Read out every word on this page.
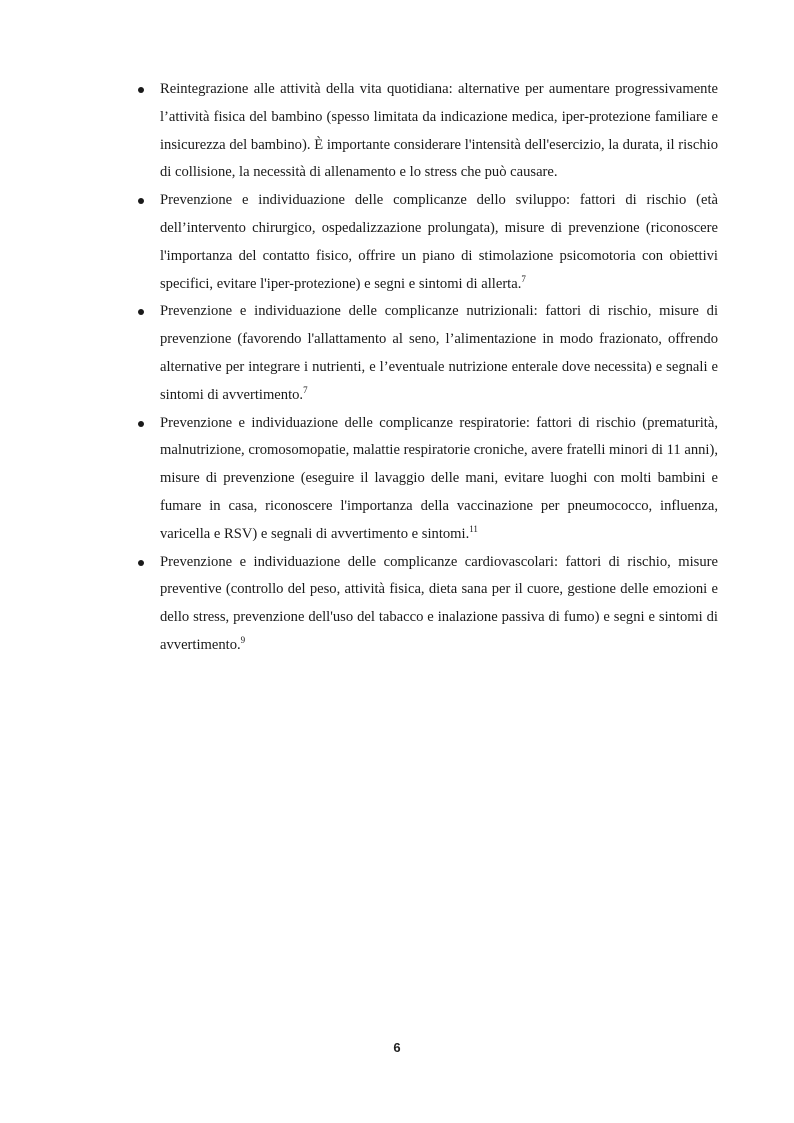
Reintegrazione alle attività della vita quotidiana: alternative per aumentare progressivamente l’attività fisica del bambino (spesso limitata da indicazione medica, iper-protezione familiare e insicurezza del bambino). È importante considerare l'intensità dell'esercizio, la durata, il rischio di collisione, la necessità di allenamento e lo stress che può causare.
Prevenzione e individuazione delle complicanze dello sviluppo: fattori di rischio (età dell’intervento chirurgico, ospedalizzazione prolungata), misure di prevenzione (riconoscere l'importanza del contatto fisico, offrire un piano di stimolazione psicomotoria con obiettivi specifici, evitare l'iper-protezione) e segni e sintomi di allerta.$^7$
Prevenzione e individuazione delle complicanze nutrizionali: fattori di rischio, misure di prevenzione (favorendo l'allattamento al seno, l’alimentazione in modo frazionato, offrendo alternative per integrare i nutrienti, e l’eventuale nutrizione enterale dove necessita) e segnali e sintomi di avvertimento.$^7$
Prevenzione e individuazione delle complicanze respiratorie: fattori di rischio (prematurità, malnutrizione, cromosomopatie, malattie respiratorie croniche, avere fratelli minori di 11 anni), misure di prevenzione (eseguire il lavaggio delle mani, evitare luoghi con molti bambini e fumare in casa, riconoscere l'importanza della vaccinazione per pneumococco, influenza, varicella e RSV) e segnali di avvertimento e sintomi.$^{11}$
Prevenzione e individuazione delle complicanze cardiovascolari: fattori di rischio, misure preventive (controllo del peso, attività fisica, dieta sana per il cuore, gestione delle emozioni e dello stress, prevenzione dell'uso del tabacco e inalazione passiva di fumo) e segni e sintomi di avvertimento.$^9$
6
